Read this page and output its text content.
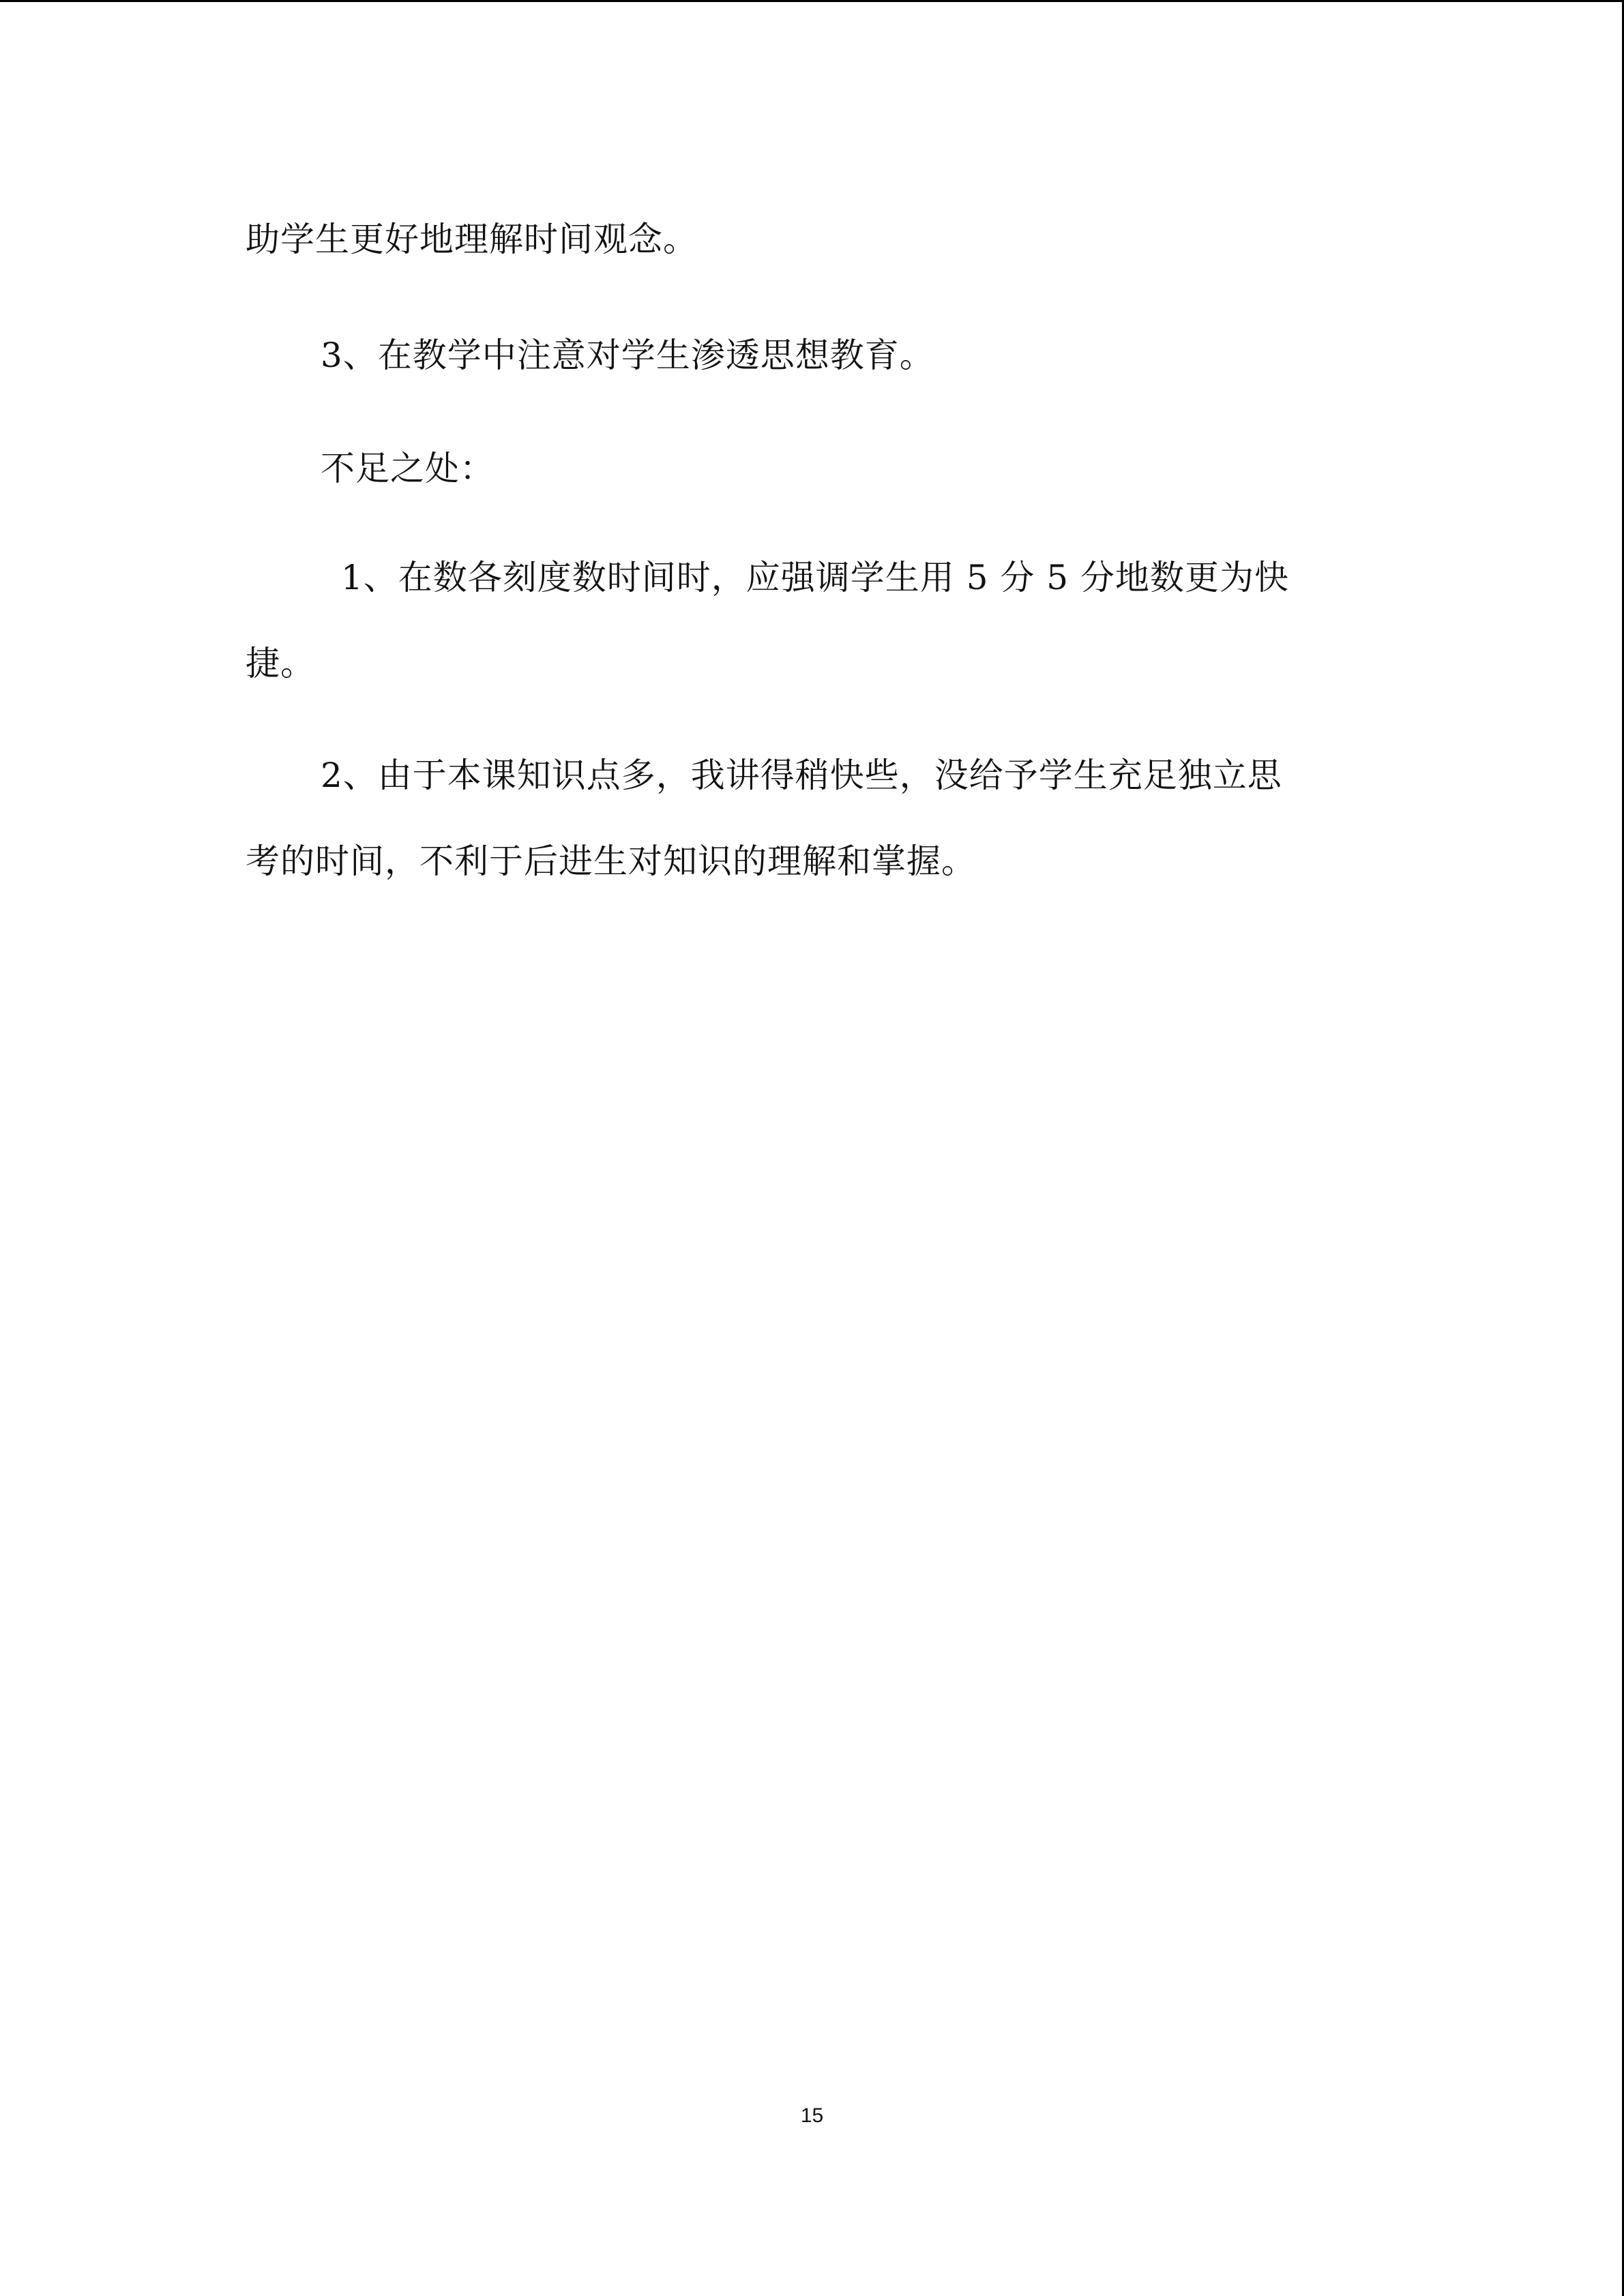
助学生更好地理解时间观念。
3、在教学中注意对学生渗透思想教育。
不足之处：
1、在数各刻度数时间时，应强调学生用 5 分 5 分地数更为快
捷。
2、由于本课知识点多，我讲得稍快些，没给予学生充足独立思
考的时间，不利于后进生对知识的理解和掌握。
15
